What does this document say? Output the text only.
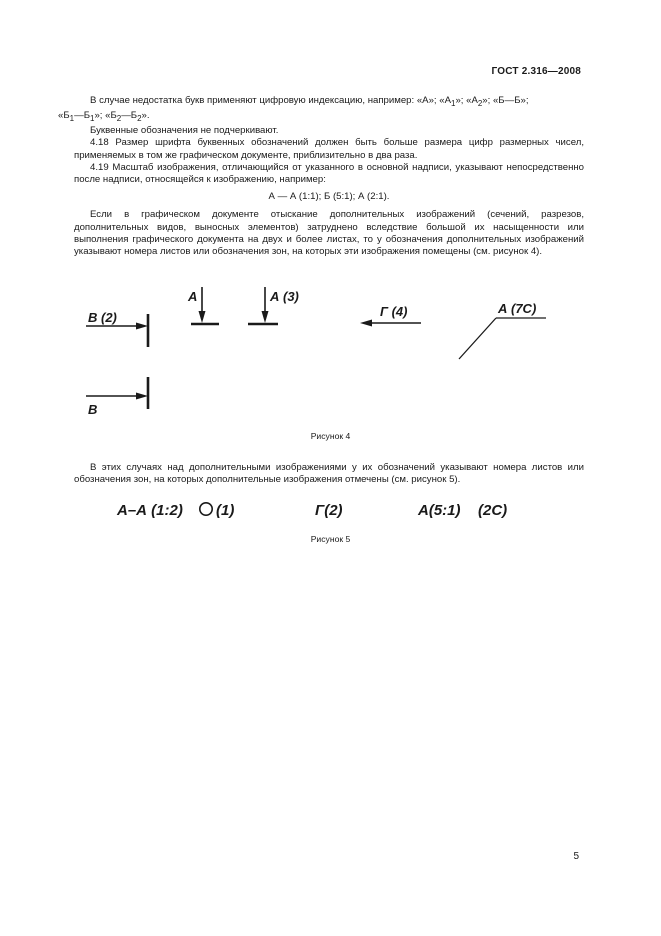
ГОСТ 2.316—2008

В случае недостатка букв применяют цифровую индексацию, например: «А»; «$А_1$»; «$А_2$»; «Б—Б»;
«$Б_1—Б_1$»; «$Б_2—Б_2$».

Буквенные обозначения не подчеркивают.

4.18 Размер шрифта буквенных обозначений должен быть больше размера цифр размерных чисел, применяемых в том же графическом документе, приблизительно в два раза.

4.19 Масштаб изображения, отличающийся от указанного в основной надписи, указывают непосредственно после надписи, относящейся к изображению, например:

А — А (1:1); Б (5:1); А (2:1).

Если в графическом документе отыскание дополнительных изображений (сечений, разрезов, дополнительных видов, выносных элементов) затруднено вследствие большой их насыщенности или выполнения графического документа на двух и более листах, то у обозначения дополнительных изображений указывают номера листов или обозначения зон, на которых эти изображения помещены (см. рисунок 4).

В (2)
В
А	А (3)
Г (4)	А (7С)
Рисунок 4

В этих случаях над дополнительными изображениями у их обозначений указывают номера листов или обозначения зон, на которых дополнительные изображения отмечены (см. рисунок 5).

А–А (1:2) (1)	Г(2)	А(5:1) (2С)
Рисунок 5
5
